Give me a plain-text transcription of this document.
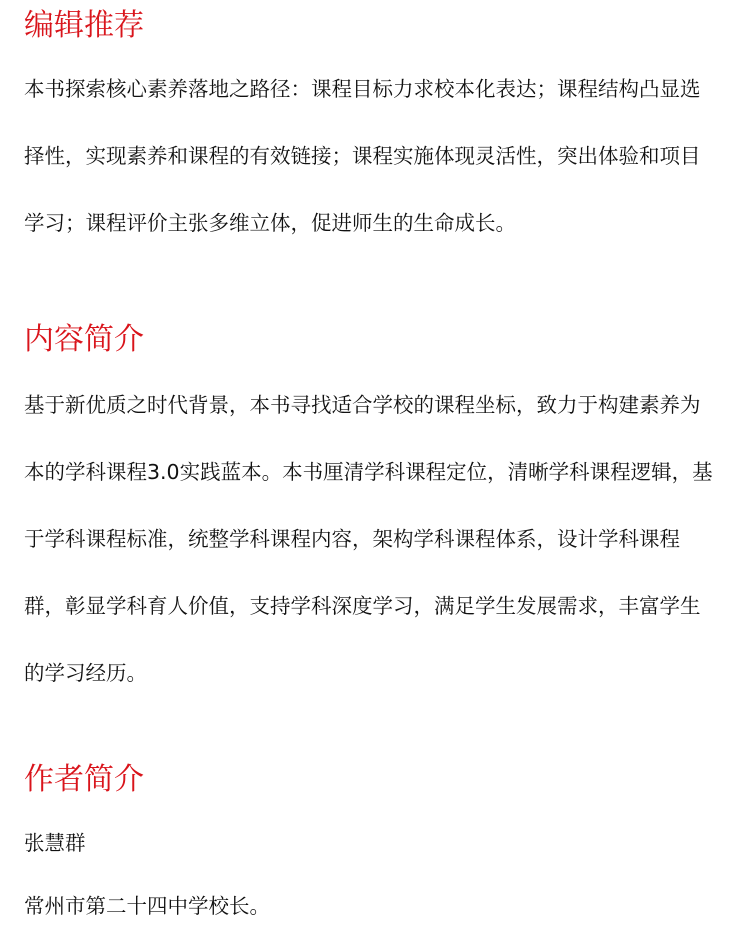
编辑推荐

本书探索核心素养落地之路径：课程目标力求校本化表达；课程结构凸显选择性，实现素养和课程的有效链接；课程实施体现灵活性，突出体验和项目学习；课程评价主张多维立体，促进师生的生命成长。

内容简介

基于新优质之时代背景，本书寻找适合学校的课程坐标，致力于构建素养为本的学科课程3.0实践蓝本。本书厘清学科课程定位，清晰学科课程逻辑，基于学科课程标准，统整学科课程内容，架构学科课程体系，设计学科课程群，彰显学科育人价值，支持学科深度学习，满足学生发展需求，丰富学生的学习经历。

作者简介

张慧群

常州市第二十四中学校长。
